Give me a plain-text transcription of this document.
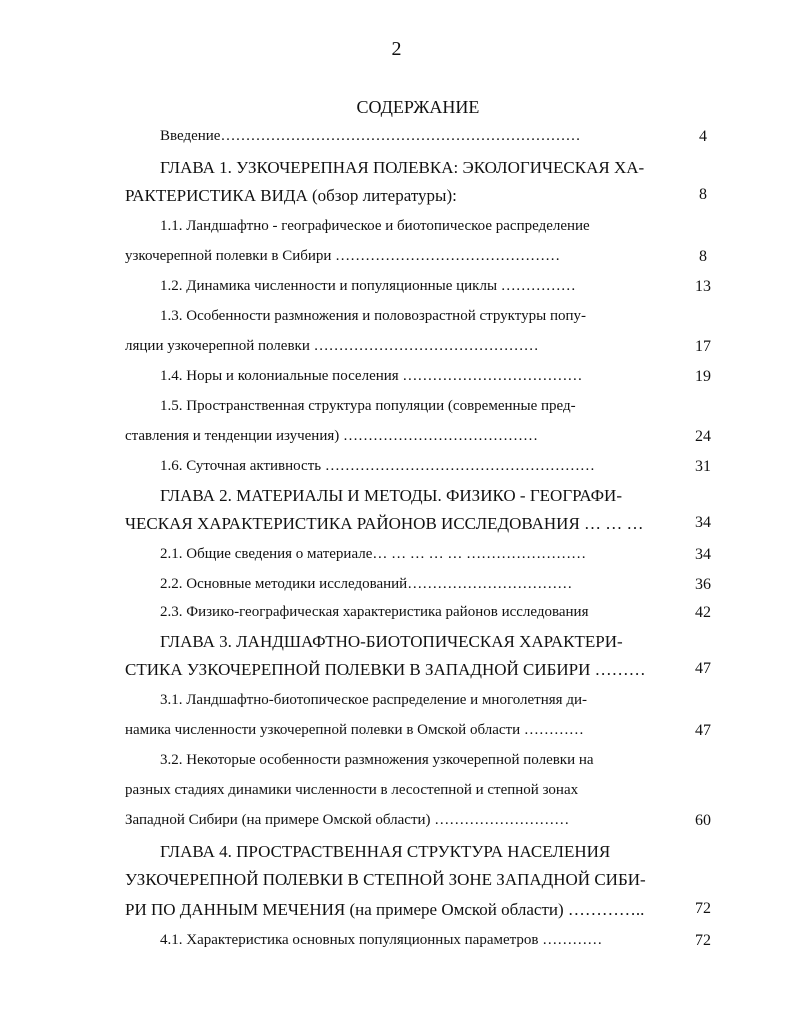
2
СОДЕРЖАНИЕ
Введение………………………………………………………………	4
ГЛАВА 1. УЗКОЧЕРЕПНАЯ ПОЛЕВКА: ЭКОЛОГИЧЕСКАЯ ХА-
РАКТЕРИСТИКА ВИДА (обзор литературы):	8
1.1. Ландшафтно - географическое и биотопическое распределение
узкочерепной полевки в Сибири ………………………………………	8
1.2. Динамика численности и популяционные циклы ……………	13
1.3. Особенности размножения и половозрастной структуры попу-
ляции узкочерепной полевки ………………………………………	17
1.4. Норы и колониальные поселения ………………………………	19
1.5. Пространственная структура популяции (современные пред-
ставления и тенденции изучения) …………………………………	24
1.6. Суточная активность ………………………………………………	31
ГЛАВА 2. МАТЕРИАЛЫ И МЕТОДЫ. ФИЗИКО - ГЕОГРАФИ-
ЧЕСКАЯ ХАРАКТЕРИСТИКА РАЙОНОВ ИССЛЕДОВАНИЯ … … …	34
2.1. Общие сведения о материале… … … … … ……………………	34
2.2. Основные методики исследований……………………………	36
2.3. Физико-географическая характеристика районов исследования	42
ГЛАВА 3. ЛАНДШАФТНО-БИОТОПИЧЕСКАЯ ХАРАКТЕРИ-
СТИКА УЗКОЧЕРЕПНОЙ ПОЛЕВКИ В ЗАПАДНОЙ СИБИРИ ………	47
3.1. Ландшафтно-биотопическое распределение и многолетняя ди-
намика численности узкочерепной полевки в Омской области …………	47
3.2. Некоторые особенности размножения узкочерепной полевки на
разных стадиях динамики численности в лесостепной и степной зонах
Западной Сибири (на примере Омской области) ………………………	60
ГЛАВА 4. ПРОСТРАСТВЕННАЯ СТРУКТУРА НАСЕЛЕНИЯ
УЗКОЧЕРЕПНОЙ ПОЛЕВКИ В СТЕПНОЙ ЗОНЕ ЗАПАДНОЙ СИБИ-
РИ ПО ДАННЫМ МЕЧЕНИЯ (на примере Омской области) …………..	72
4.1. Характеристика основных популяционных параметров …………	72
